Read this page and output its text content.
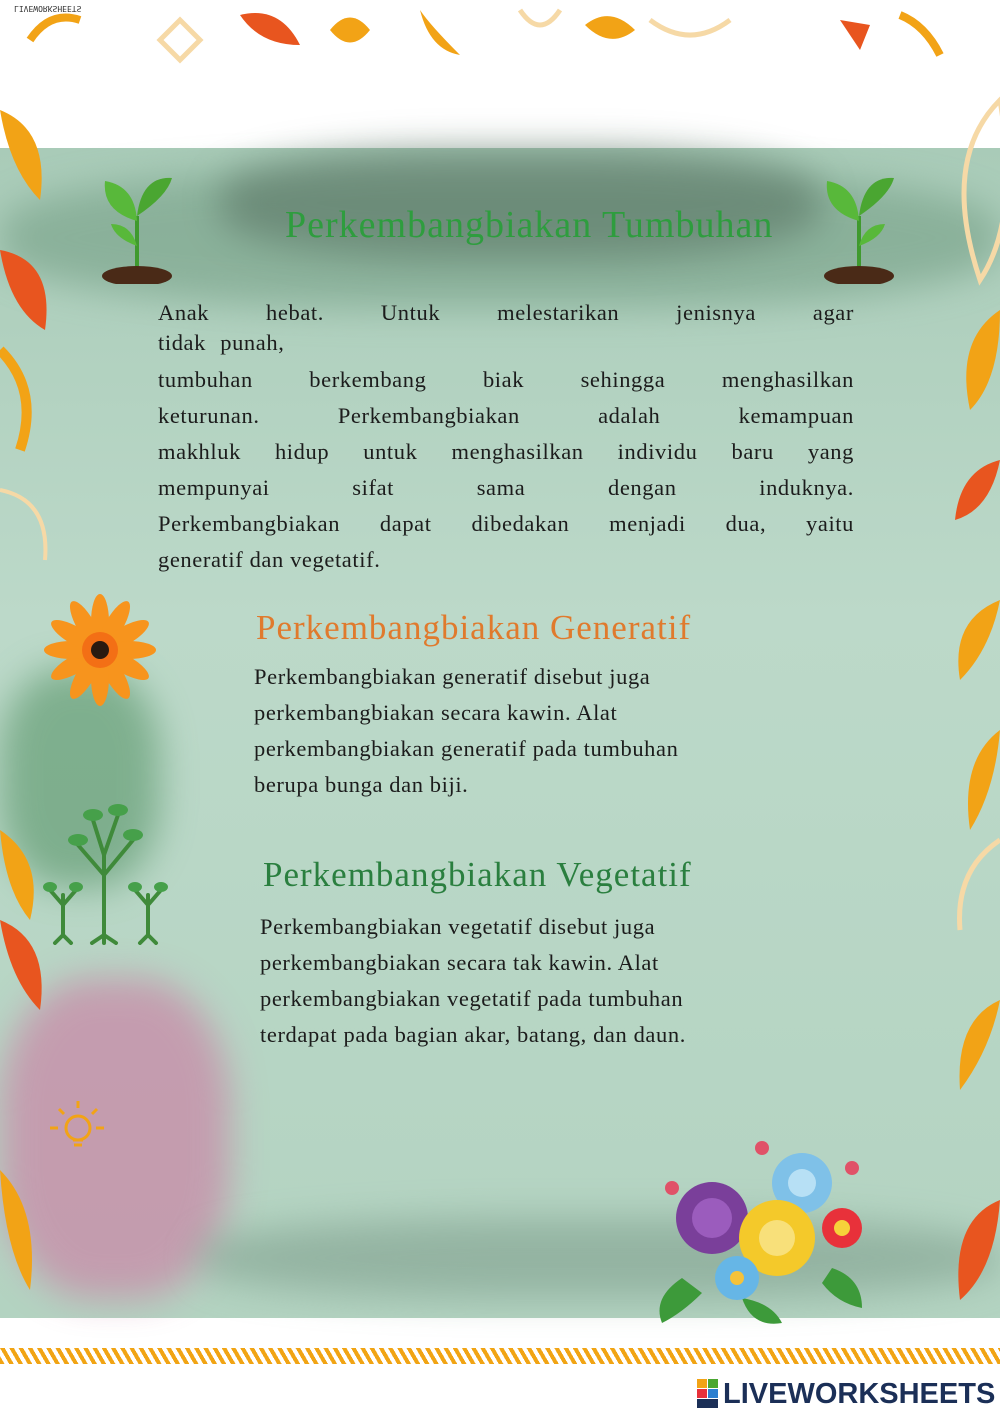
LIVEWORKSHEETS
Perkembangbiakan Tumbuhan
Anak hebat. Untuk melestarikan jenisnya agar
tidak punah,
tumbuhan berkembang biak sehingga menghasilkan
keturunan. Perkembangbiakan adalah kemampuan
makhluk hidup untuk menghasilkan individu baru yang
mempunyai sifat sama dengan induknya.
Perkembangbiakan dapat dibedakan menjadi dua, yaitu
generatif dan vegetatif.
Perkembangbiakan Generatif
Perkembangbiakan generatif disebut juga
perkembangbiakan secara kawin. Alat
perkembangbiakan generatif pada tumbuhan
berupa bunga dan biji.
Perkembangbiakan Vegetatif
Perkembangbiakan vegetatif disebut juga
perkembangbiakan secara tak kawin. Alat
perkembangbiakan vegetatif pada tumbuhan
terdapat pada bagian akar, batang, dan daun.
LIVEWORKSHEETS
